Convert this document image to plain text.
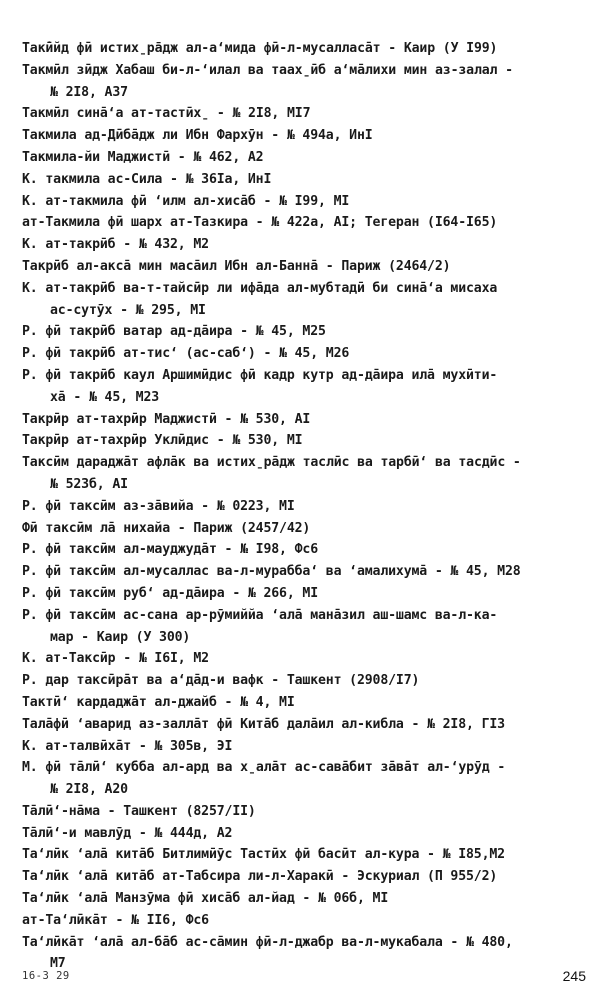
Таки̇̄йд фӣ истих̱рāдж ал-а‘мида фӣ-л-мусалласа̄т - Каир (У I99)
Такмӣл зӣдж Хабаш би-л-‘илал ва таах̱ӣб а‘ма̄лихи мин аз-залал -
№ 2I8, А37
Такмӣл сина̄‘а ат-тастӣх̱ - № 2I8, МI7
Такмила ад-Дӣба̄дж ли Ибн Фархӯн - № 494а, ИнI
Такмила-йи Маджистӣ - № 462, А2
К. такмила ас-Сила - № 36Iа, ИнI
К. ат-такмила фӣ ‘илм ал-хиса̄б - № I99, МI
ат-Такмила фӣ шарх ат-Тазкира - № 422а, АI; Тегеран (I64-I65)
К. ат-такрӣб - № 432, М2
Такрӣб ал-акса̄ мин маса̄ил Ибн ал-Банна̄ - Париж (2464/2)
К. ат-такрӣб ва-т-тайсӣр ли ифа̄да ал-мубтадӣ би сина̄‘а мисаха
ас-сутӯх - № 295, МI
Р. фӣ такрӣб ватар ад-да̄ира - № 45, М25
Р. фӣ такрӣб ат-тис‘ (ас-саб‘) - № 45, М26
Р. фӣ такрӣб каул Аршимӣдис фӣ кадр кутр ад-да̄ира ила̄ мухӣти-
ха̄ - № 45, М23
Такрӣр ат-тахрӣр Маджистӣ - № 530, АI
Такрӣр ат-тахрӣр Уклӣдис - № 530, МI
Таксӣм дараджа̄т афла̄к ва истих̱ра̄дж таслӣс ва тарбӣ‘ ва тасдӣс -
№ 523б, АI
Р. фӣ таксӣм аз-за̄вийа - № 0223, МI
Фӣ таксӣм ла̄ нихайа - Париж (2457/42)
Р. фӣ таксӣм ал-мауджуда̄т - № I98, Фс6
Р. фӣ таксӣм ал-мусаллас ва-л-мураббa‘ ва ‘амалихума̄ - № 45, М28
Р. фӣ таксӣм руб‘ ад-да̄ира - № 266, МI
Р. фӣ таксӣм ас-сана ар-рӯмиййа ‘ала̄ мана̄зил аш-шамс ва-л-ка-
мар - Каир (У 300)
К. ат-Таксӣр - № I6I, М2
Р. дар таксӣра̄т ва а‘да̄д-и вафк - Ташкент (2908/I7)
Тактӣ‘ кардаджа̄т ал-джайб - № 4, МI
Тала̄фӣ ‘аварид аз-залла̄т фӣ Кита̄б дала̄ил ал-кибла - № 2I8, ГIЗ
К. ат-талвӣха̄т - № 305в, ЭI
М. фӣ та̄лӣ‘ кубба ал-ард ва х̱ала̄т ас-сава̄бит за̄ва̄т ал-‘урӯд -
№ 2I8, А20
Та̄лӣ‘-на̄ма - Ташкент (8257/II)
Та̄лӣ‘-и мавлӯд - № 444д, А2
Та‘лӣк ‘ала̄ кита̄б Битлимӣӯс Тастӣх фӣ басӣт ал-кура - № I85,М2
Та‘лӣк ‘ала̄ кита̄б ат-Табсира ли-л-Харакӣ - Эскуриал (П 955/2)
Та‘лӣк ‘ала̄ Манзӯма фӣ хиса̄б ал-йад - № 06б, МI
ат-Та‘лӣка̄т - № II6, Фс6
Та‘лӣка̄т ‘ала̄ ал-ба̄б ас-са̄мин фӣ-л-джабр ва-л-мукабала - № 480,
М7
16-3 29	245
